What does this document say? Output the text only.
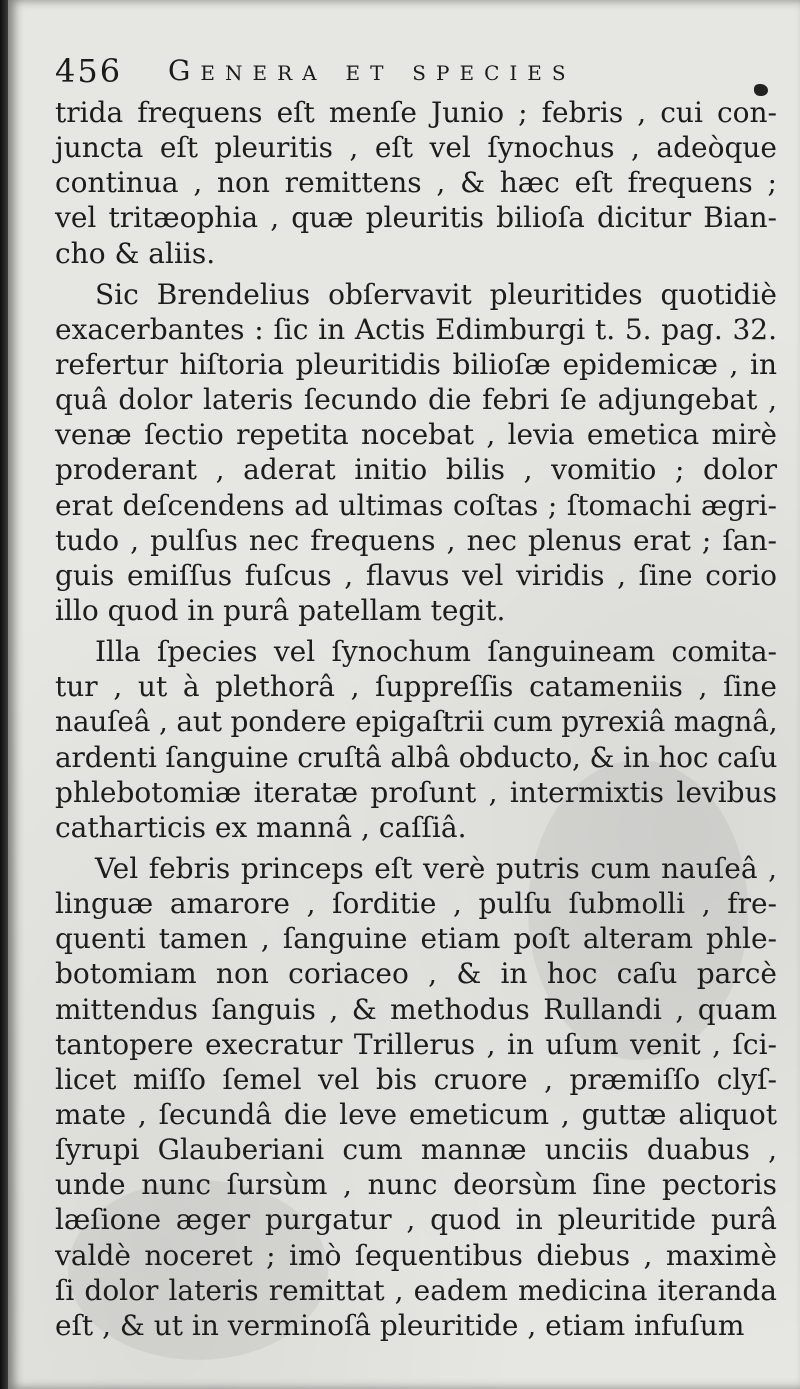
456 Genera et species
trida frequens eſt menſe Junio ; febris , cui con-
juncta eſt pleuritis , eſt vel ſynochus , adeòque
continua , non remittens , & hæc eſt frequens ;
vel tritæophia , quæ pleuritis bilioſa dicitur Bian-
cho & aliis.
Sic Brendelius obſervavit pleuritides quotidiè
exacerbantes : ſic in Actis Edimburgi t. 5. pag. 32.
refertur hiſtoria pleuritidis bilioſæ epidemicæ , in
quâ dolor lateris ſecundo die febri ſe adjungebat ,
venæ ſectio repetita nocebat , levia emetica mirè
proderant , aderat initio bilis , vomitio ; dolor
erat deſcendens ad ultimas coſtas ; ſtomachi ægri-
tudo , pulſus nec frequens , nec plenus erat ; ſan-
guis emiſſus fuſcus , flavus vel viridis , ſine corio
illo quod in purâ patellam tegit.
Illa ſpecies vel ſynochum ſanguineam comita-
tur , ut à plethorâ , ſuppreſſis catameniis , ſine
nauſeâ , aut pondere epigaſtrii cum pyrexiâ magnâ,
ardenti ſanguine cruſtâ albâ obducto, & in hoc caſu
phlebotomiæ iteratæ proſunt , intermixtis levibus
catharticis ex mannâ , caſſiâ.
Vel febris princeps eſt verè putris cum nauſeâ ,
linguæ amarore , ſorditie , pulſu ſubmolli , fre-
quenti tamen , ſanguine etiam poſt alteram phle-
botomiam non coriaceo , & in hoc caſu parcè
mittendus ſanguis , & methodus Rullandi , quam
tantopere execratur Trillerus , in uſum venit , ſci-
licet miſſo ſemel vel bis cruore , præmiſſo clyſ-
mate , ſecundâ die leve emeticum , guttæ aliquot
ſyrupi Glauberiani cum mannæ unciis duabus ,
unde nunc ſursùm , nunc deorsùm ſine pectoris
læſione æger purgatur , quod in pleuritide purâ
valdè noceret ; imò ſequentibus diebus , maximè
ſi dolor lateris remittat , eadem medicina iteranda
eſt , & ut in verminoſâ pleuritide , etiam infuſum
